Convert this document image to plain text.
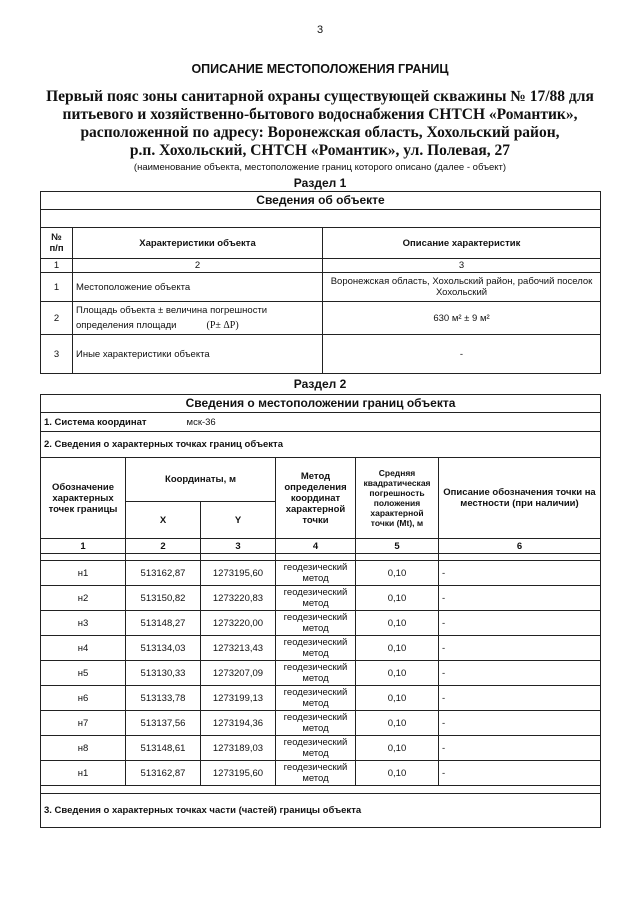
3
ОПИСАНИЕ МЕСТОПОЛОЖЕНИЯ ГРАНИЦ
Первый пояс зоны санитарной охраны существующей скважины № 17/88 для
питьевого и хозяйственно-бытового водоснабжения СНТСН «Романтик»,
расположенной по адресу: Воронежская область, Хохольский район,
р.п. Хохольский, СНТСН «Романтик», ул. Полевая, 27
(наименование объекта, местоположение границ которого описано (далее - объект)
Раздел 1
Сведения об объекте		

№
п/п	Характеристики объекта	Описание характеристик
1	2	3
1	Местоположение объекта	Воронежская область, Хохольский район, рабочий поселок Хохольский
2	Площадь объекта ± величина погрешности
определения площади (P± ΔP)	630 м² ± 9 м²
3	Иные характеристики объекта	-
Раздел 2
Сведения о местоположении границ объекта					
1. Система координат мск-36					
2. Сведения о характерных точках границ объекта					
Обозначение характерных точек границы	Координаты, м		Метод определения координат характерной точки	Средняя квадратическая погрешность положения характерной точки (Mt), м	Описание обозначения точки на местности (при наличии)
	X	Y			
1	2	3	4	5	6

н1	513162,87	1273195,60	геодезический метод	0,10	-
н2	513150,82	1273220,83	геодезический метод	0,10	-
н3	513148,27	1273220,00	геодезический метод	0,10	-
н4	513134,03	1273213,43	геодезический метод	0,10	-
н5	513130,33	1273207,09	геодезический метод	0,10	-
н6	513133,78	1273199,13	геодезический метод	0,10	-
н7	513137,56	1273194,36	геодезический метод	0,10	-
н8	513148,61	1273189,03	геодезический метод	0,10	-
н1	513162,87	1273195,60	геодезический метод	0,10	-

3. Сведения о характерных точках части (частей) границы объекта					
